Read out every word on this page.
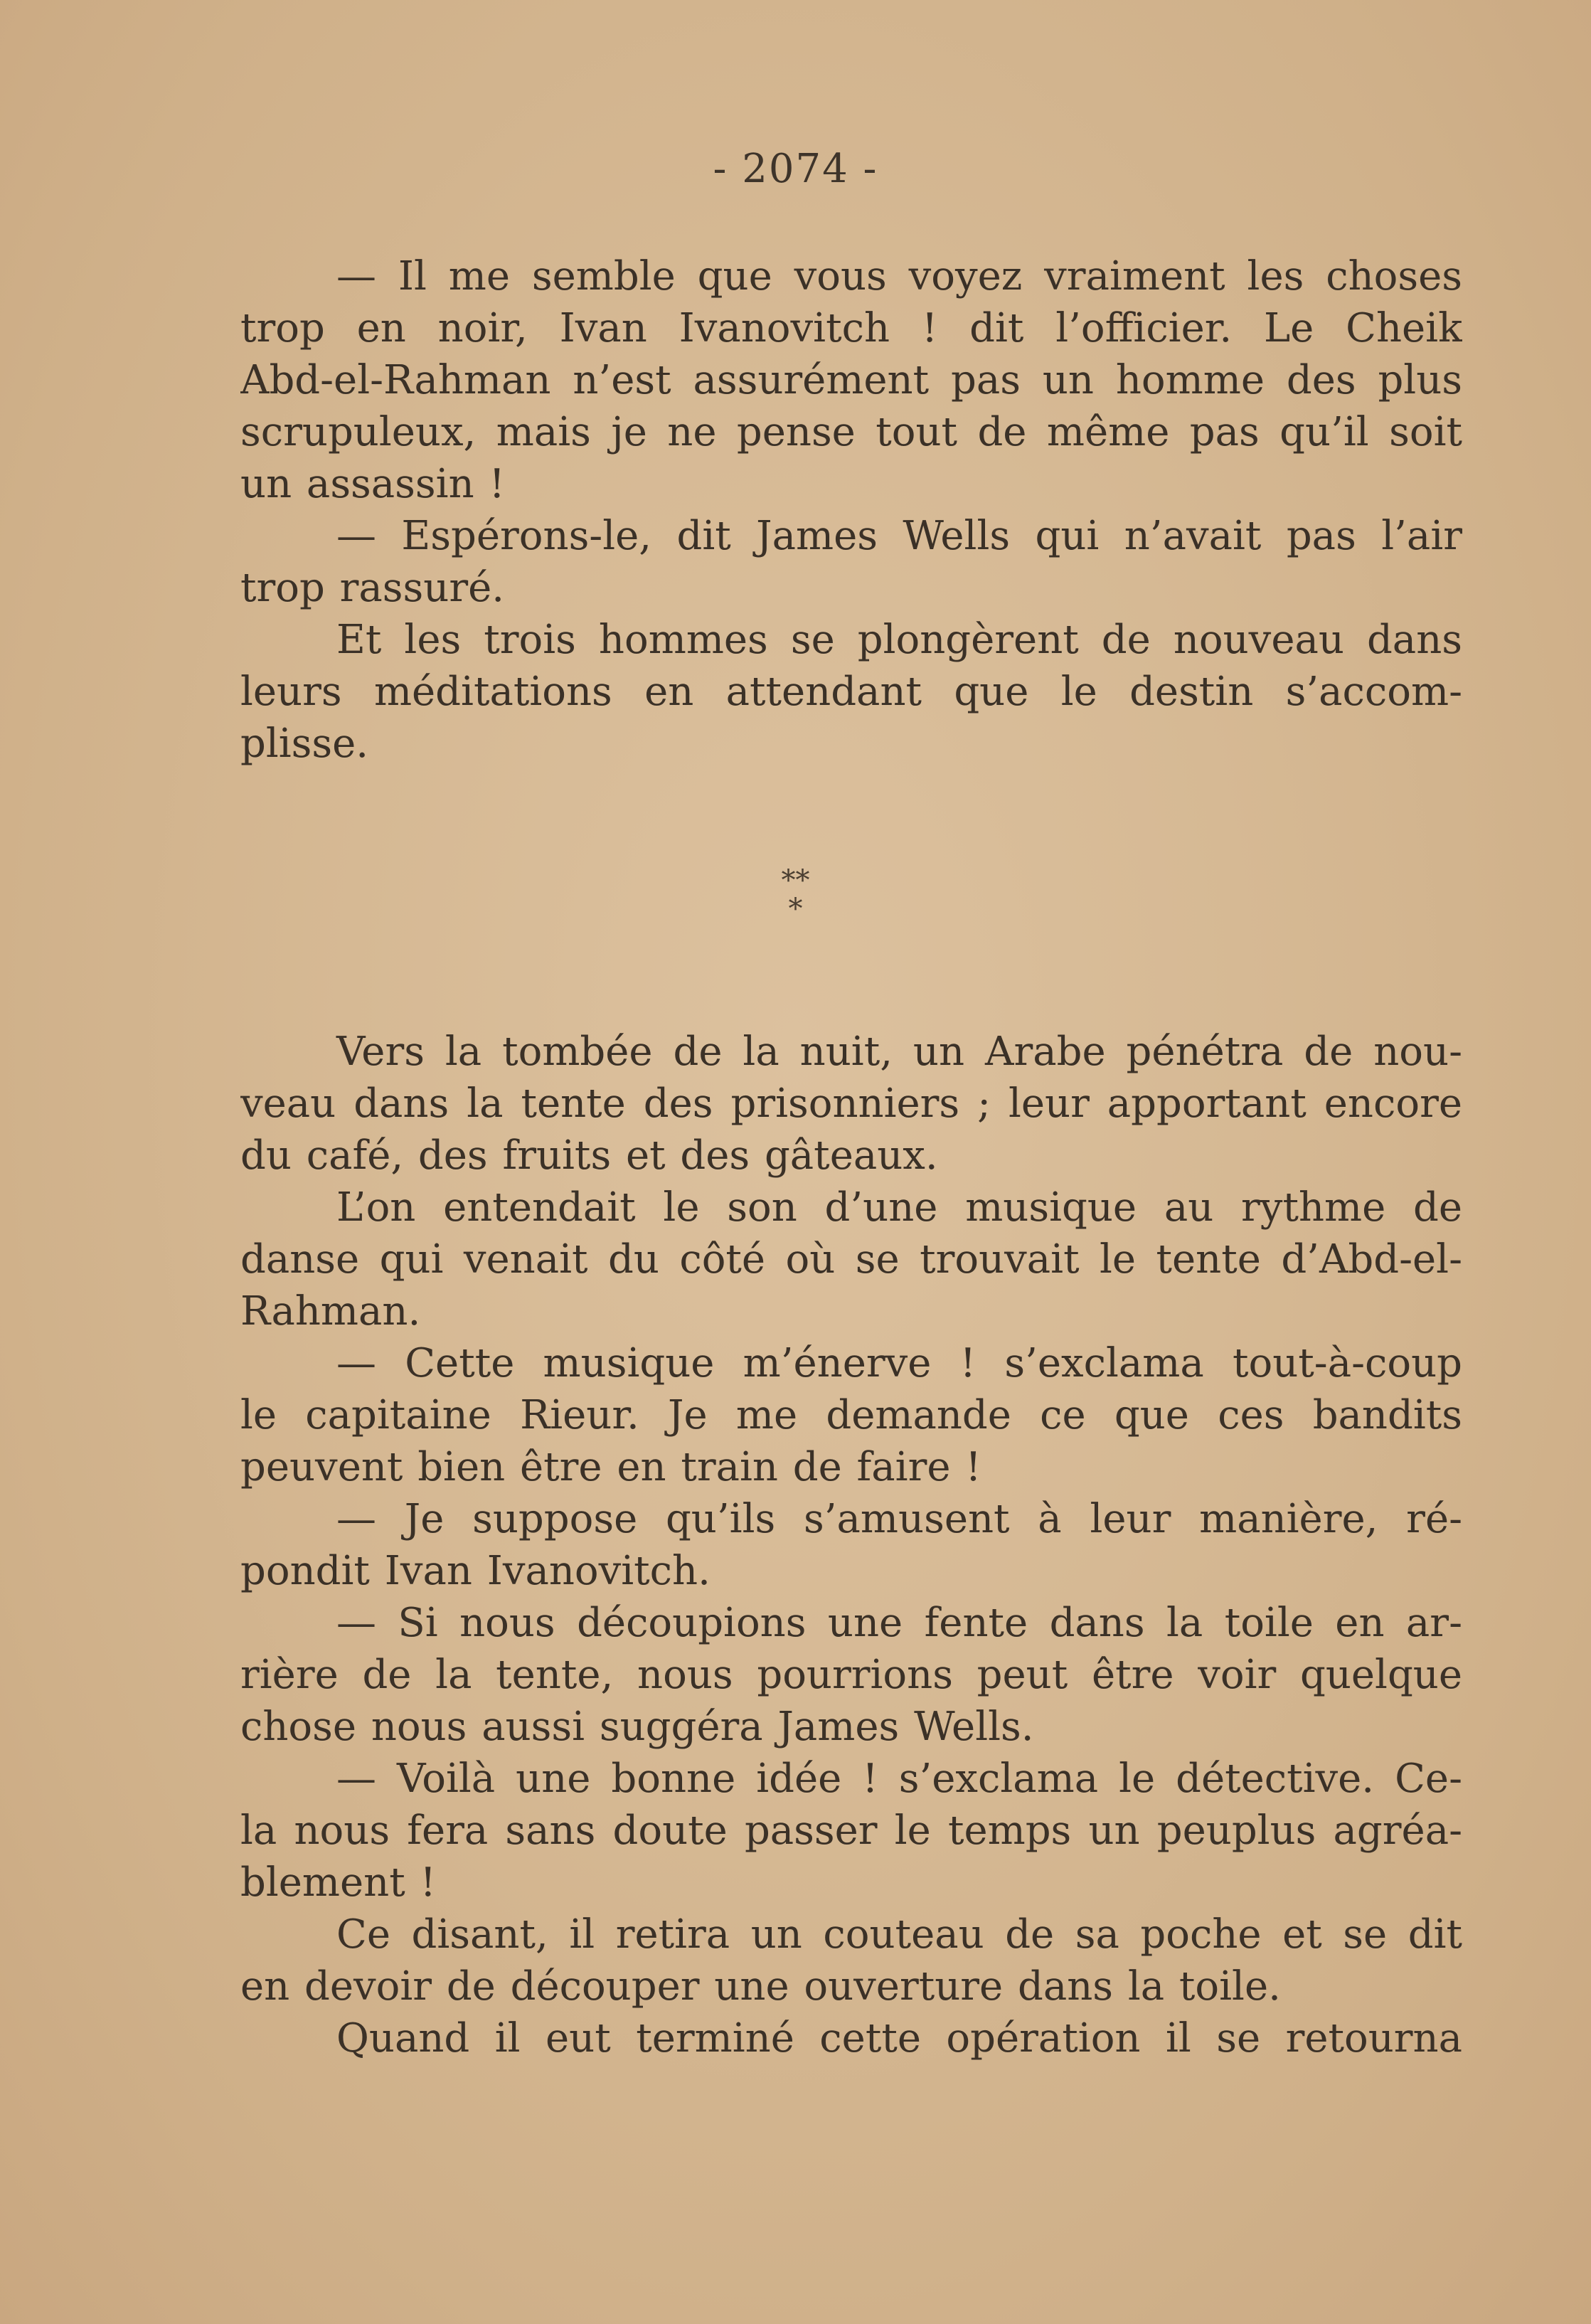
- 2074 -

— Il me semble que vous voyez vraiment les choses
trop en noir, Ivan Ivanovitch ! dit l’officier. Le Cheik
Abd-el-Rahman n’est assurément pas un homme des plus
scrupuleux, mais je ne pense tout de même pas qu’il soit
un assassin !

— Espérons-le, dit James Wells qui n’avait pas l’air
trop rassuré.

Et les trois hommes se plongèrent de nouveau dans
leurs méditations en attendant que le destin s’accom-
plisse.

**
*

Vers la tombée de la nuit, un Arabe pénétra de nou-
veau dans la tente des prisonniers ; leur apportant encore
du café, des fruits et des gâteaux.

L’on entendait le son d’une musique au rythme de
danse qui venait du côté où se trouvait le tente d’Abd-el-
Rahman.

— Cette musique m’énerve ! s’exclama tout-à-coup
le capitaine Rieur. Je me demande ce que ces bandits
peuvent bien être en train de faire !

— Je suppose qu’ils s’amusent à leur manière, ré-
pondit Ivan Ivanovitch.

— Si nous découpions une fente dans la toile en ar-
rière de la tente, nous pourrions peut être voir quelque
chose nous aussi suggéra James Wells.

— Voilà une bonne idée ! s’exclama le détective. Ce-
la nous fera sans doute passer le temps un peuplus agréa-
blement !

Ce disant, il retira un couteau de sa poche et se dit
en devoir de découper une ouverture dans la toile.

Quand il eut terminé cette opération il se retourna
